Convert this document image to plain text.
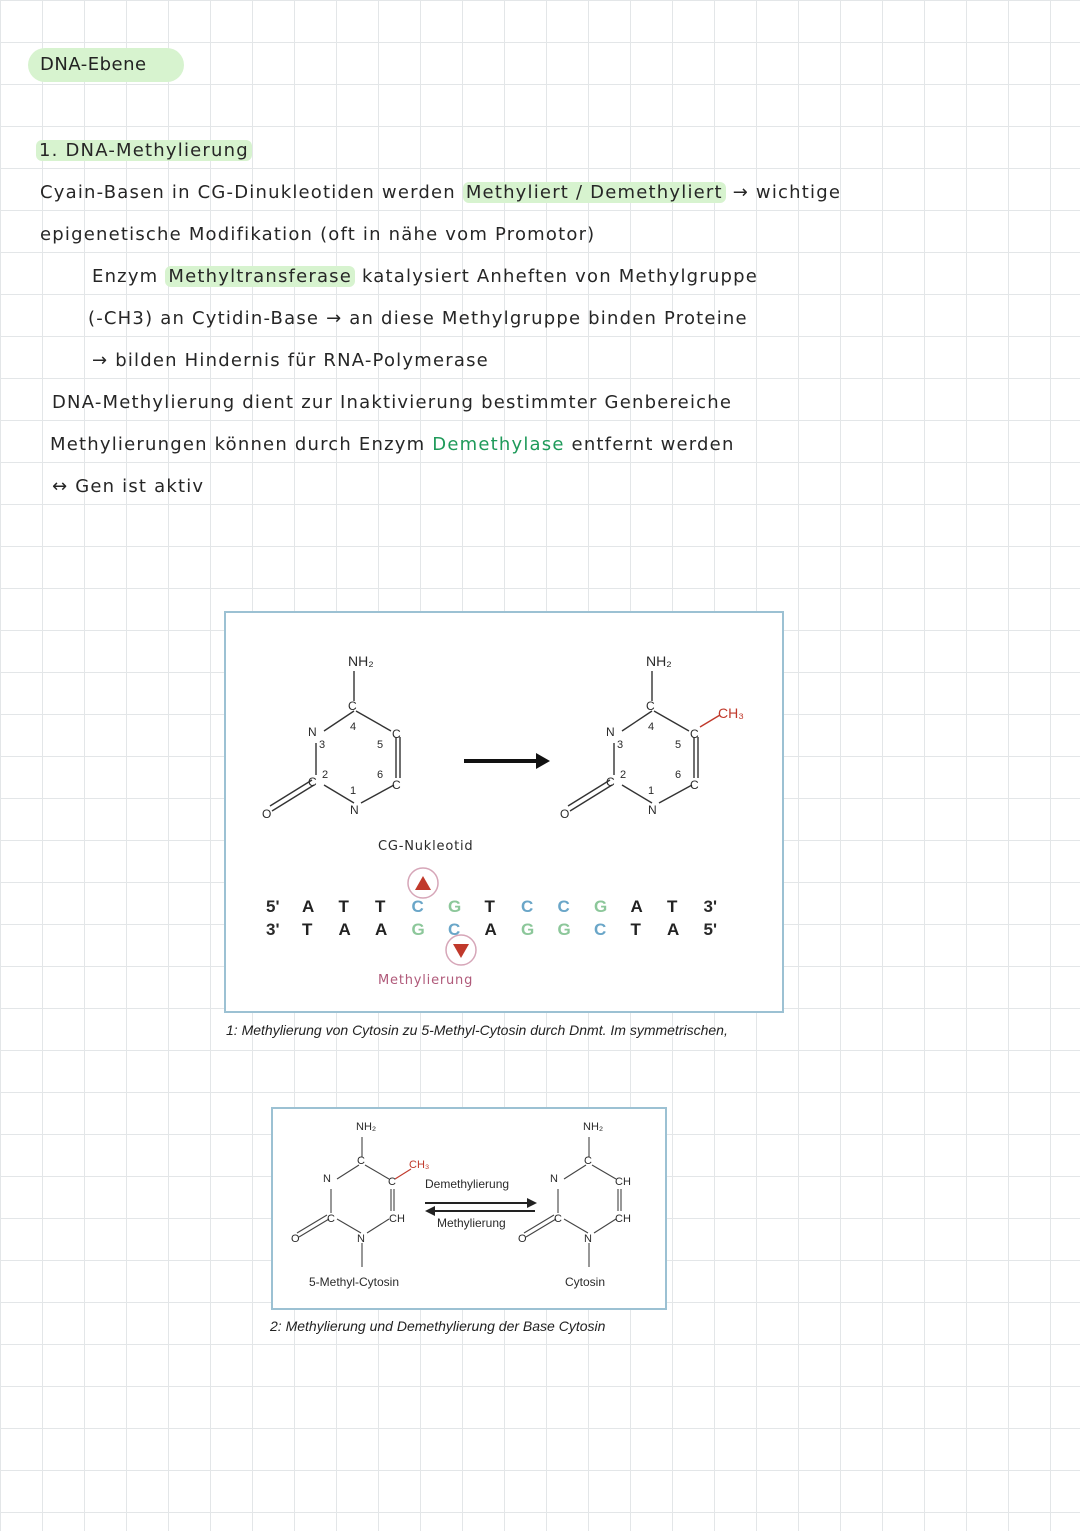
DNA-Ebene
1. DNA-Methylierung
Cyain-Basen in CG-Dinukleotiden werden Methyliert / Demethyliert → wichtige
epigenetische Modifikation (oft in nähe vom Promotor)
Enzym Methyltransferase katalysiert Anheften von Methylgruppe
(-CH3) an Cytidin-Base → an diese Methylgruppe binden Proteine
→ bilden Hindernis für RNA-Polymerase
DNA-Methylierung dient zur Inaktivierung bestimmter Genbereiche
Methylierungen können durch Enzym Demethylase entfernt werden
↔ Gen ist aktiv
NH₂
C
C
C
N
C
N
O
3
4
5
6
1
2
NH₂
CH₃
C
C
C
N
C
N
O
3
4
5
6
1
2
CG-Nukleotid
Methylierung
5' A T T C G T C C G A T 3'
3' T A A G C A G G C T A 5'
1: Methylierung von Cytosin zu 5-Methyl-Cytosin durch Dnmt. Im symmetrischen,
NH₂
CH₃
N
C
C
CH
N
C
O
Demethylierung
Methylierung
NH₂
N
C
CH
CH
N
C
O
5-Methyl-Cytosin	Cytosin
2: Methylierung und Demethylierung der Base Cytosin
